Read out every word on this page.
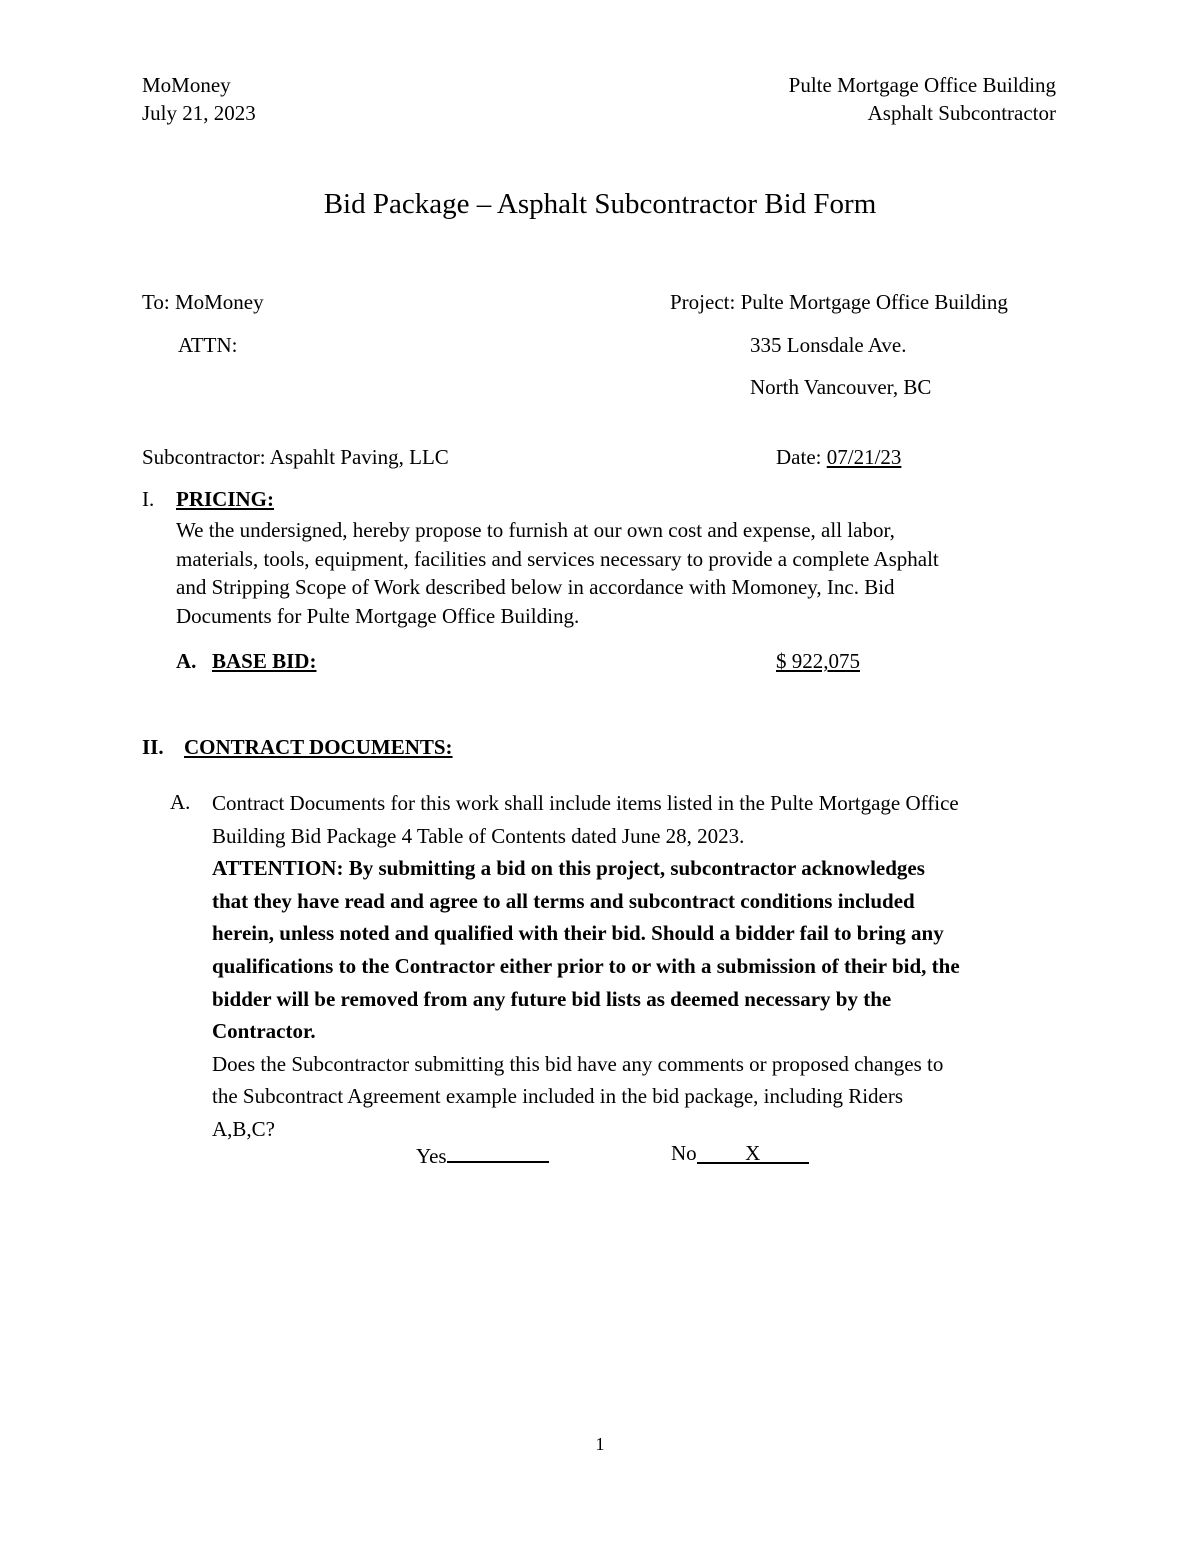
MoMoney
July 21, 2023
Pulte Mortgage Office Building
Asphalt Subcontractor
Bid Package – Asphalt Subcontractor Bid Form
To: MoMoney
ATTN:
Project: Pulte Mortgage Office Building
335 Lonsdale Ave.
North Vancouver, BC
Subcontractor: Aspahlt Paving, LLC	Date: 07/21/23
I. PRICING:
We the undersigned, hereby propose to furnish at our own cost and expense, all labor,
materials, tools, equipment, facilities and services necessary to provide a complete Asphalt
and Stripping Scope of Work described below in accordance with Momoney, Inc. Bid
Documents for Pulte Mortgage Office Building.
A. BASE BID:	$ 922,075
II. CONTRACT DOCUMENTS:
A. Contract Documents for this work shall include items listed in the Pulte Mortgage Office
Building Bid Package 4 Table of Contents dated June 28, 2023.
ATTENTION: By submitting a bid on this project, subcontractor acknowledges
that they have read and agree to all terms and subcontract conditions included
herein, unless noted and qualified with their bid. Should a bidder fail to bring any
qualifications to the Contractor either prior to or with a submission of their bid, the
bidder will be removed from any future bid lists as deemed necessary by the
Contractor.
Does the Subcontractor submitting this bid have any comments or proposed changes to
the Subcontract Agreement example included in the bid package, including Riders
A,B,C?
Yes	No X
1
